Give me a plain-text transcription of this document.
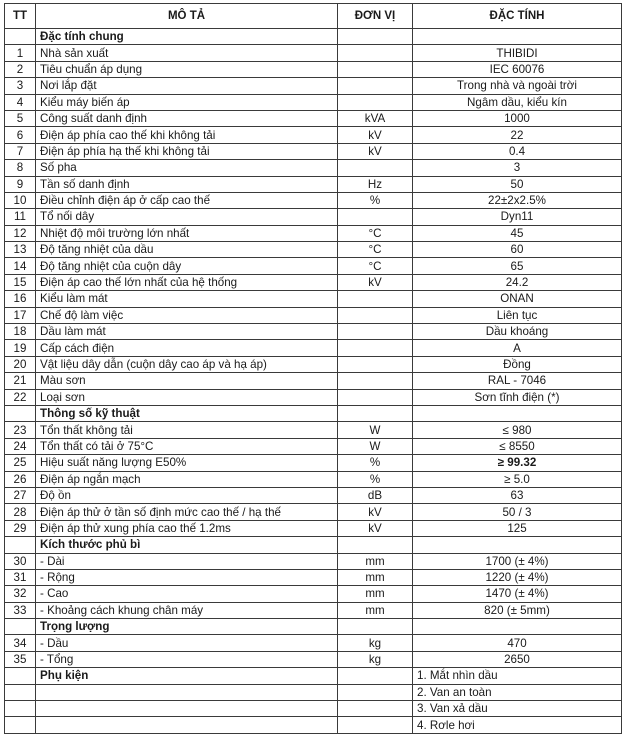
TT	MÔ TẢ	ĐƠN VỊ	ĐẶC TÍNH
	Đặc tính chung		
1	Nhà sản xuất		THIBIDI
2	Tiêu chuẩn áp dụng		IEC 60076
3	Nơi lắp đặt		Trong nhà và ngoài trời
4	Kiểu máy biến áp		Ngâm dầu, kiểu kín
5	Công suất danh định	kVA	1000
6	Điện áp phía cao thế khi không tải	kV	22
7	Điện áp phía hạ thế khi không tải	kV	0.4
8	Số pha		3
9	Tần số danh định	Hz	50
10	Điều chỉnh điện áp ở cấp cao thế	%	22±2x2.5%
11	Tổ nối dây		Dyn11
12	Nhiệt độ môi trường lớn nhất	°C	45
13	Độ tăng nhiệt của dầu	°C	60
14	Độ tăng nhiệt của cuộn dây	°C	65
15	Điện áp cao thế lớn nhất của hệ thống	kV	24.2
16	Kiểu làm mát		ONAN
17	Chế độ làm việc		Liên tục
18	Dầu làm mát		Dầu khoáng
19	Cấp cách điện		A
20	Vật liệu dây dẫn (cuộn dây cao áp và hạ áp)		Đồng
21	Màu sơn		RAL - 7046
22	Loại sơn		Sơn tĩnh điện (*)
	Thông số kỹ thuật		
23	Tổn thất không tải	W	≤ 980
24	Tổn thất có tải ở 75°C	W	≤ 8550
25	Hiệu suất năng lượng E50%	%	≥ 99.32
26	Điện áp ngắn mạch	%	≥ 5.0
27	Độ ồn	dB	63
28	Điện áp thử ở tần số định mức cao thế / hạ thế	kV	50 / 3
29	Điện áp thử xung phía cao thế 1.2ms	kV	125
	Kích thước phủ bì		
30	- Dài	mm	1700 (± 4%)
31	- Rộng	mm	1220 (± 4%)
32	- Cao	mm	1470 (± 4%)
33	- Khoảng cách khung chân máy	mm	820 (± 5mm)
	Trọng lượng		
34	- Dầu	kg	470
35	- Tổng	kg	2650
	Phụ kiện		1. Mắt nhìn dầu
			2. Van an toàn
			3. Van xả dầu
			4. Rơle hơi
